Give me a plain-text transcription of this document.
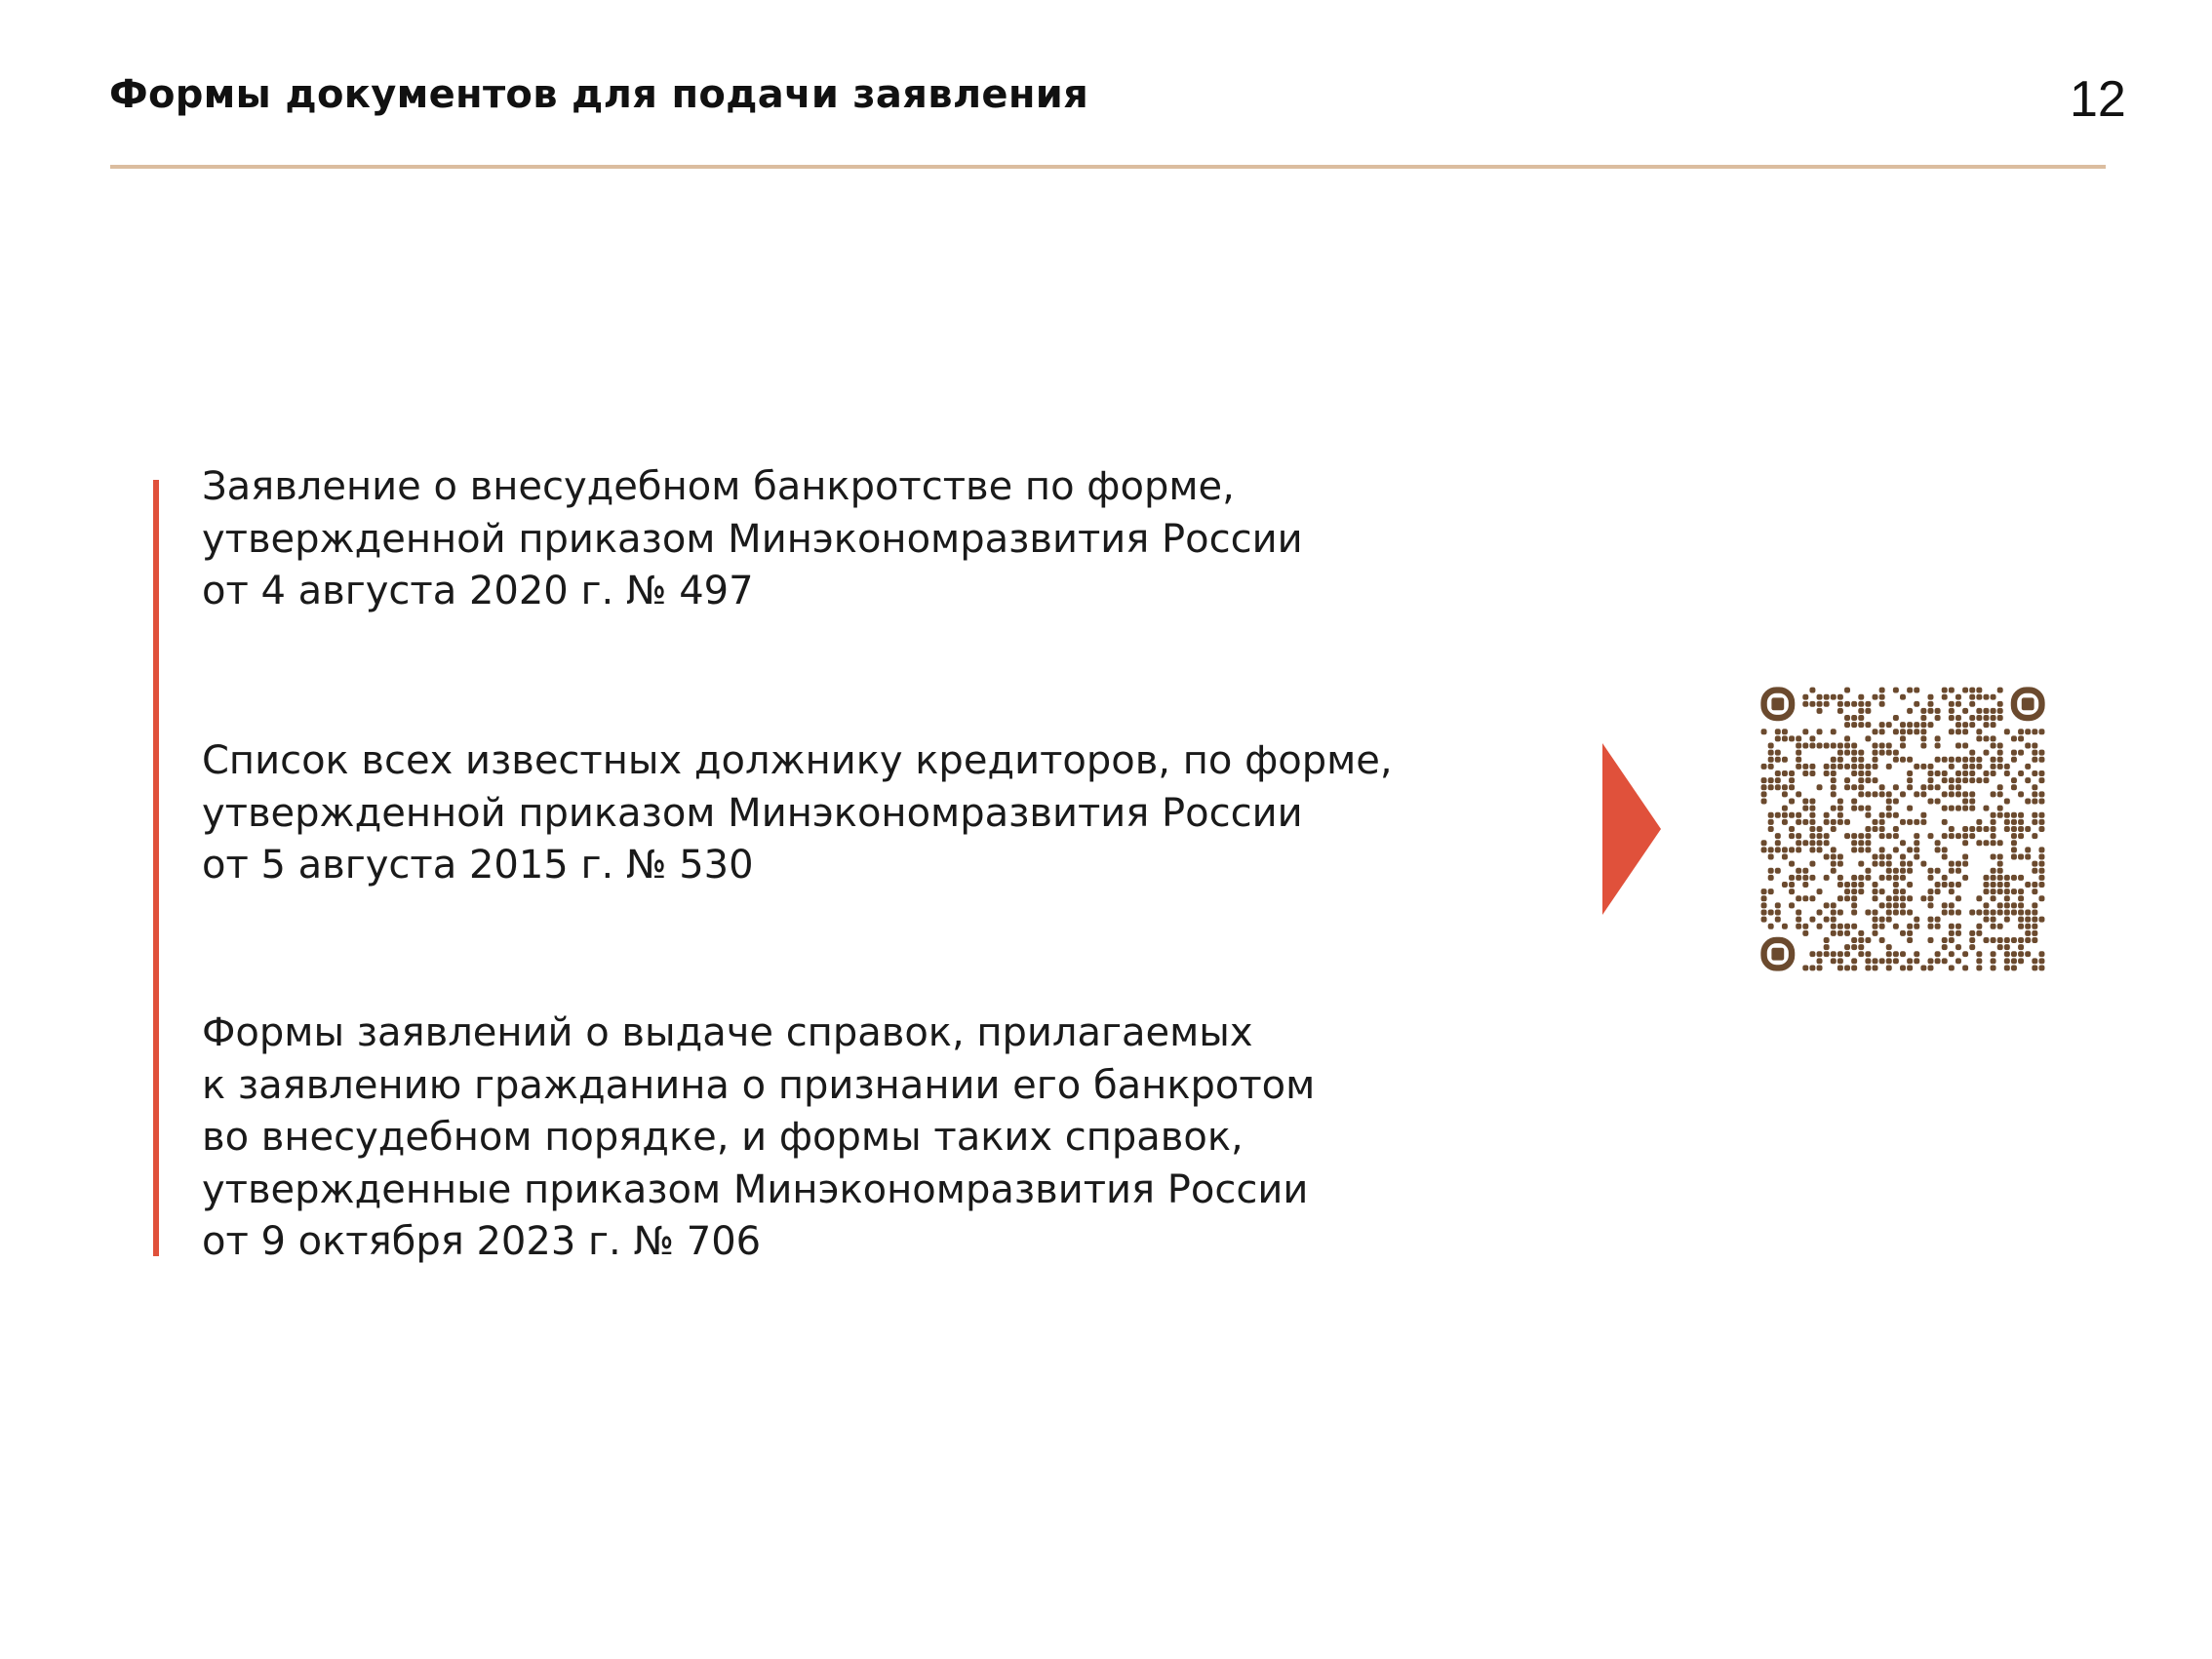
Формы документов для подачи заявления	12
Заявление о внесудебном банкротстве по форме,
утвержденной приказом Минэкономразвития России
от 4 августа 2020 г. № 497
Список всех известных должнику кредиторов, по форме,
утвержденной приказом Минэкономразвития России
от 5 августа 2015 г. № 530
Формы заявлений о выдаче справок, прилагаемых
к заявлению гражданина о признании его банкротом
во внесудебном порядке, и формы таких справок,
утвержденные приказом Минэкономразвития России
от 9 октября 2023 г. № 706
